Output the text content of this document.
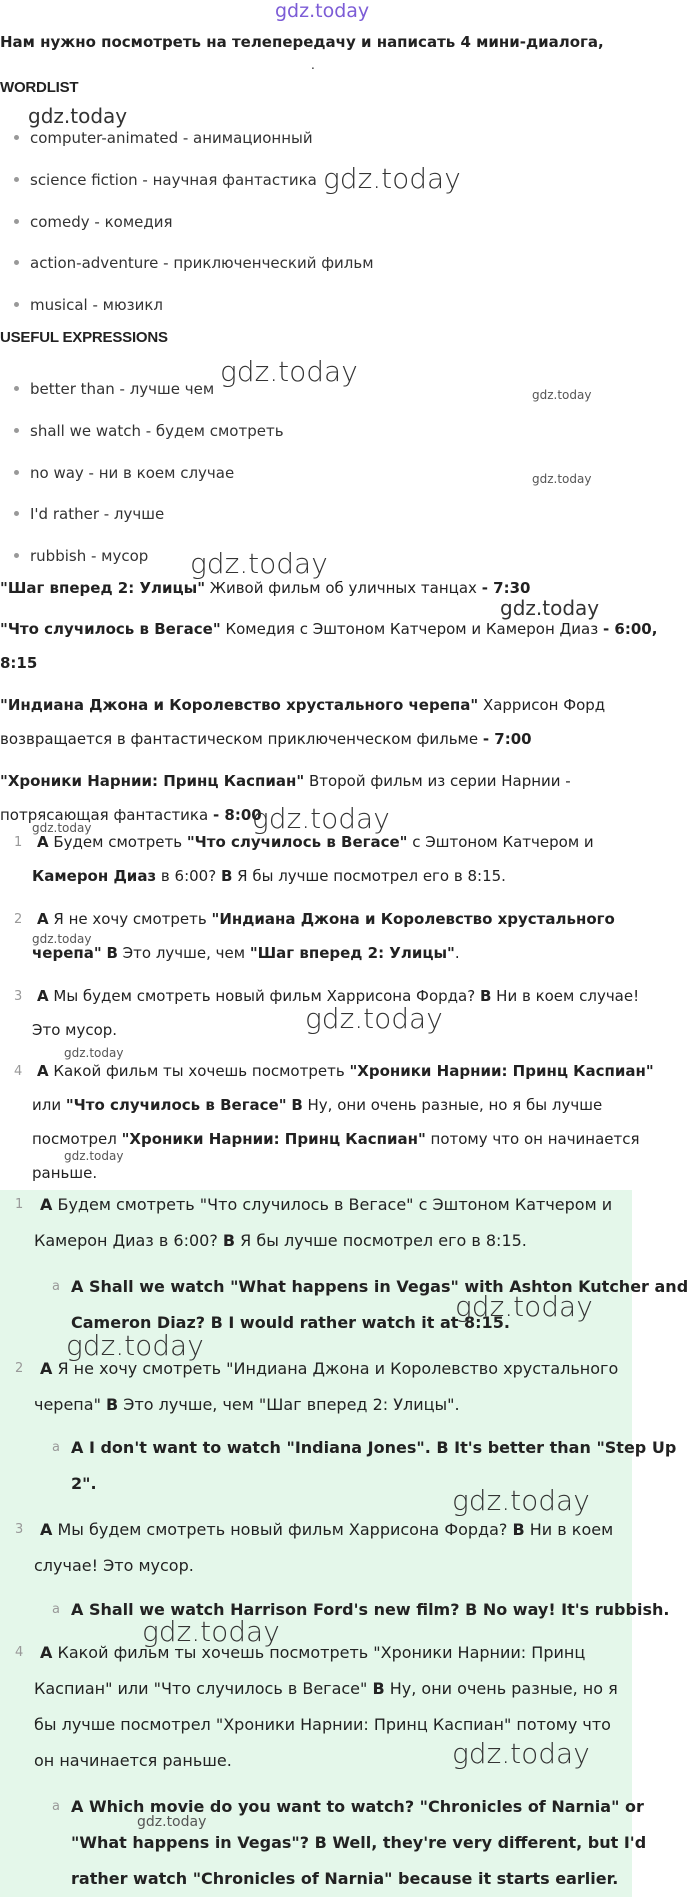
gdz.today
Нам нужно посмотреть на телепередачу и написать 4 мини-диалога,
.
WORDLIST
gdz.today
computer-animated - анимационный
science fiction - научная фантастика gdz.today
comedy - комедия
action-adventure - приключенческий фильм
musical - мюзикл
USEFUL EXPRESSIONS
gdz.today
gdz.today
better than - лучше чем
shall we watch - будем смотреть
no way - ни в коем случае	gdz.today
I'd rather - лучше
rubbish - мусор gdz.today
"Шаг вперед 2: Улицы" Живой фильм об уличных танцах - 7:30
gdz.today
"Что случилось в Вегасе" Комедия с Эштоном Катчером и Камерон Диаз - 6:00,
8:15
"Индиана Джона и Королевство хрустального черепа" Харрисон Форд
возвращается в фантастическом приключенческом фильме - 7:00
"Хроники Нарнии: Принц Каспиан" Второй фильм из серии Нарнии -
потрясающая фантастика - 8:00
gdz.today
gdz.today
1 A Будем смотреть "Что случилось в Вегасе" с Эштоном Катчером и
Камерон Диаз в 6:00? B Я бы лучше посмотрел его в 8:15.
2 A Я не хочу смотреть "Индиана Джона и Королевство хрустального
черепа" B Это лучше, чем "Шаг вперед 2: Улицы".
3 A Мы будем смотреть новый фильм Харрисона Форда? B Ни в коем случае!
Это мусор.
4 A Какой фильм ты хочешь посмотреть "Хроники Нарнии: Принц Каспиан"
или "Что случилось в Вегасе" B Ну, они очень разные, но я бы лучше
посмотрел "Хроники Нарнии: Принц Каспиан" потому что он начинается
раньше.
gdz.today
gdz.today
gdz.today
gdz.today
1 A Будем смотреть "Что случилось в Вегасе" с Эштоном Катчером и
Камерон Диаз в 6:00? B Я бы лучше посмотрел его в 8:15.
a A Shall we watch "What happens in Vegas" with Ashton Kutcher and
Cameron Diaz? B I would rather watch it at 8:15.
2 A Я не хочу смотреть "Индиана Джона и Королевство хрустального
черепа" B Это лучше, чем "Шаг вперед 2: Улицы".
a A I don't want to watch "Indiana Jones". B It's better than "Step Up
2".
3 A Мы будем смотреть новый фильм Харрисона Форда? B Ни в коем
случае! Это мусор.
a A Shall we watch Harrison Ford's new film? B No way! It's rubbish.
4 A Какой фильм ты хочешь посмотреть "Хроники Нарнии: Принц
Каспиан" или "Что случилось в Вегасе" B Ну, они очень разные, но я
бы лучше посмотрел "Хроники Нарнии: Принц Каспиан" потому что
он начинается раньше.
a A Which movie do you want to watch? "Chronicles of Narnia" or
"What happens in Vegas"? B Well, they're very different, but I'd
rather watch "Chronicles of Narnia" because it starts earlier.
gdz.today
gdz.today
gdz.today
gdz.today
gdz.today
gdz.today
